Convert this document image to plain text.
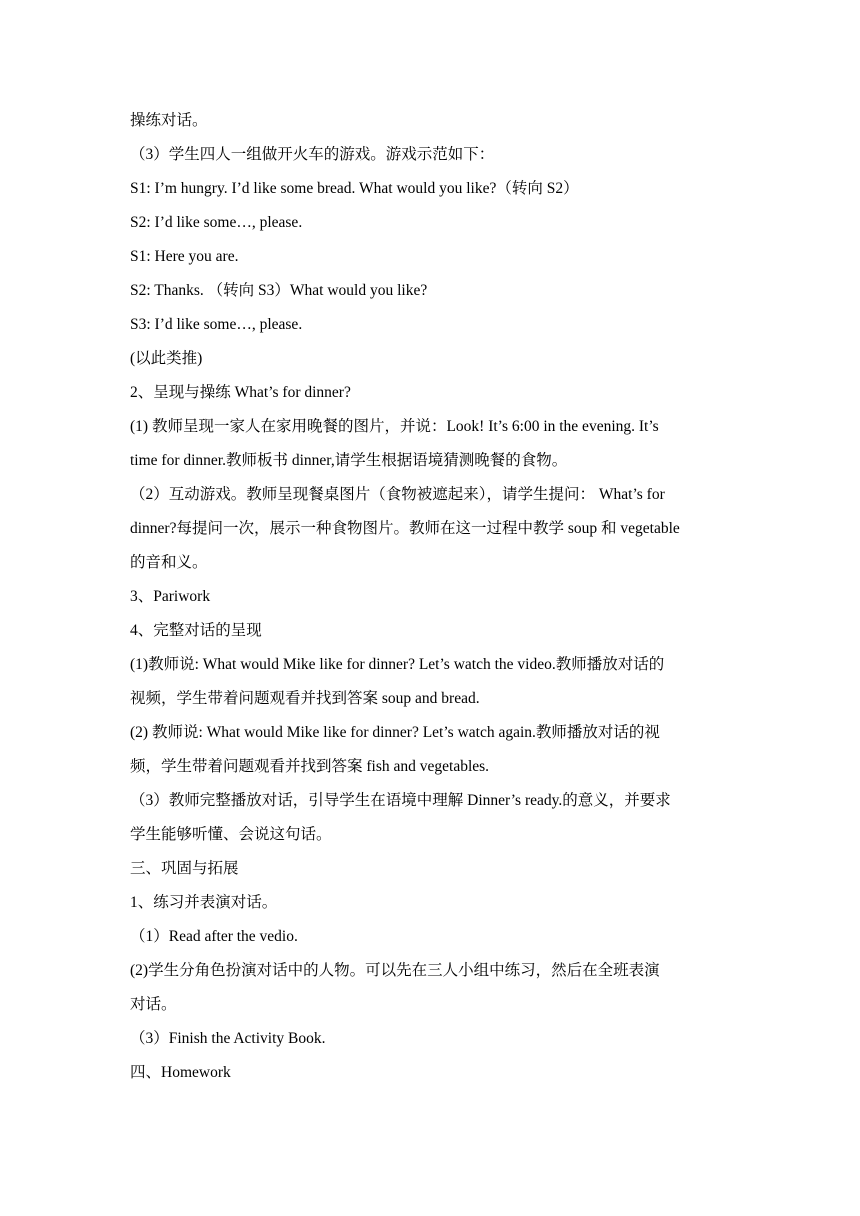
操练对话。
（3）学生四人一组做开火车的游戏。游戏示范如下：
S1: I’m hungry. I’d like some bread. What would you like?（转向 S2）
S2: I’d like some…, please.
S1: Here you are.
S2: Thanks. （转向 S3）What would you like?
S3: I’d like some…, please.
(以此类推)
2、呈现与操练 What’s for dinner?
(1) 教师呈现一家人在家用晚餐的图片，并说：Look! It’s 6:00 in the evening. It’s
time for dinner.教师板书 dinner,请学生根据语境猜测晚餐的食物。
（2）互动游戏。教师呈现餐桌图片（食物被遮起来），请学生提问： What’s for
dinner?每提问一次，展示一种食物图片。教师在这一过程中教学 soup 和 vegetable
的音和义。
3、Pariwork
4、完整对话的呈现
(1)教师说: What would Mike like for dinner? Let’s watch the video.教师播放对话的
视频，学生带着问题观看并找到答案 soup and bread.
(2) 教师说: What would Mike like for dinner? Let’s watch again.教师播放对话的视
频，学生带着问题观看并找到答案 fish and vegetables.
（3）教师完整播放对话，引导学生在语境中理解 Dinner’s ready.的意义，并要求
学生能够听懂、会说这句话。
三、巩固与拓展
1、练习并表演对话。
（1）Read after the vedio.
(2)学生分角色扮演对话中的人物。可以先在三人小组中练习，然后在全班表演
对话。
（3）Finish the Activity Book.
四、Homework
